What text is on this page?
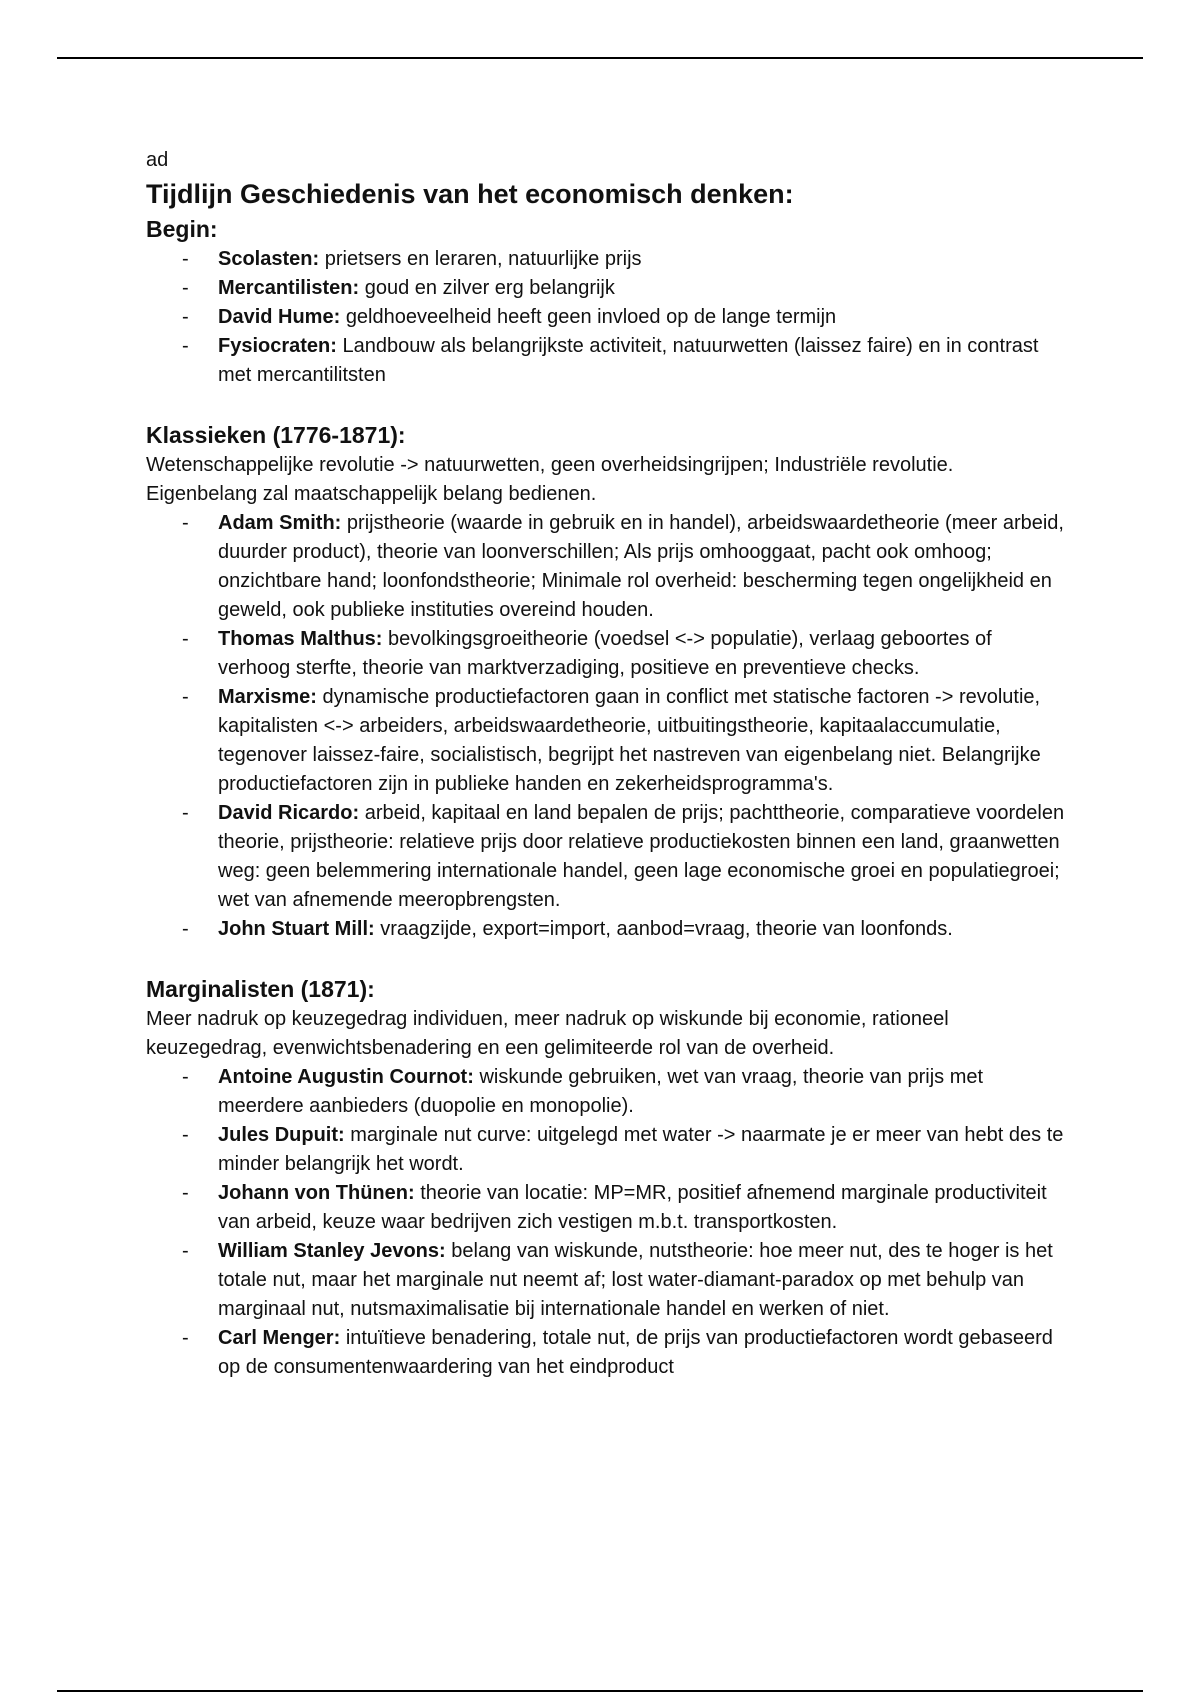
ad

Tijdlijn Geschiedenis van het economisch denken:
Begin:
- Scolasten: prietsers en leraren, natuurlijke prijs
- Mercantilisten: goud en zilver erg belangrijk
- David Hume: geldhoeveelheid heeft geen invloed op de lange termijn
- Fysiocraten: Landbouw als belangrijkste activiteit, natuurwetten (laissez faire) en in contrast met mercantilitsten
Klassieken (1776-1871):

Wetenschappelijke revolutie -> natuurwetten, geen overheidsingrijpen; Industriële revolutie. Eigenbelang zal maatschappelijk belang bedienen.

- Adam Smith: prijstheorie (waarde in gebruik en in handel), arbeidswaardetheorie (meer arbeid, duurder product), theorie van loonverschillen; Als prijs omhooggaat, pacht ook omhoog; onzichtbare hand; loonfondstheorie; Minimale rol overheid: bescherming tegen ongelijkheid en geweld, ook publieke instituties overeind houden.
- Thomas Malthus: bevolkingsgroeitheorie (voedsel <-> populatie), verlaag geboortes of verhoog sterfte, theorie van marktverzadiging, positieve en preventieve checks.
- Marxisme: dynamische productiefactoren gaan in conflict met statische factoren -> revolutie, kapitalisten <-> arbeiders, arbeidswaardetheorie, uitbuitingstheorie, kapitaalaccumulatie, tegenover laissez-faire, socialistisch, begrijpt het nastreven van eigenbelang niet. Belangrijke productiefactoren zijn in publieke handen en zekerheidsprogramma's.
- David Ricardo: arbeid, kapitaal en land bepalen de prijs; pachttheorie, comparatieve voordelen theorie, prijstheorie: relatieve prijs door relatieve productiekosten binnen een land, graanwetten weg: geen belemmering internationale handel, geen lage economische groei en populatiegroei; wet van afnemende meeropbrengsten.
- John Stuart Mill: vraagzijde, export=import, aanbod=vraag, theorie van loonfonds.
Marginalisten (1871):

Meer nadruk op keuzegedrag individuen, meer nadruk op wiskunde bij economie, rationeel keuzegedrag, evenwichtsbenadering en een gelimiteerde rol van de overheid.

- Antoine Augustin Cournot: wiskunde gebruiken, wet van vraag, theorie van prijs met meerdere aanbieders (duopolie en monopolie).
- Jules Dupuit: marginale nut curve: uitgelegd met water -> naarmate je er meer van hebt des te minder belangrijk het wordt.
- Johann von Thünen: theorie van locatie: MP=MR, positief afnemend marginale productiviteit van arbeid, keuze waar bedrijven zich vestigen m.b.t. transportkosten.
- William Stanley Jevons: belang van wiskunde, nutstheorie: hoe meer nut, des te hoger is het totale nut, maar het marginale nut neemt af; lost water-diamant-paradox op met behulp van marginaal nut, nutsmaximalisatie bij internationale handel en werken of niet.
- Carl Menger: intuïtieve benadering, totale nut, de prijs van productiefactoren wordt gebaseerd op de consumentenwaardering van het eindproduct
